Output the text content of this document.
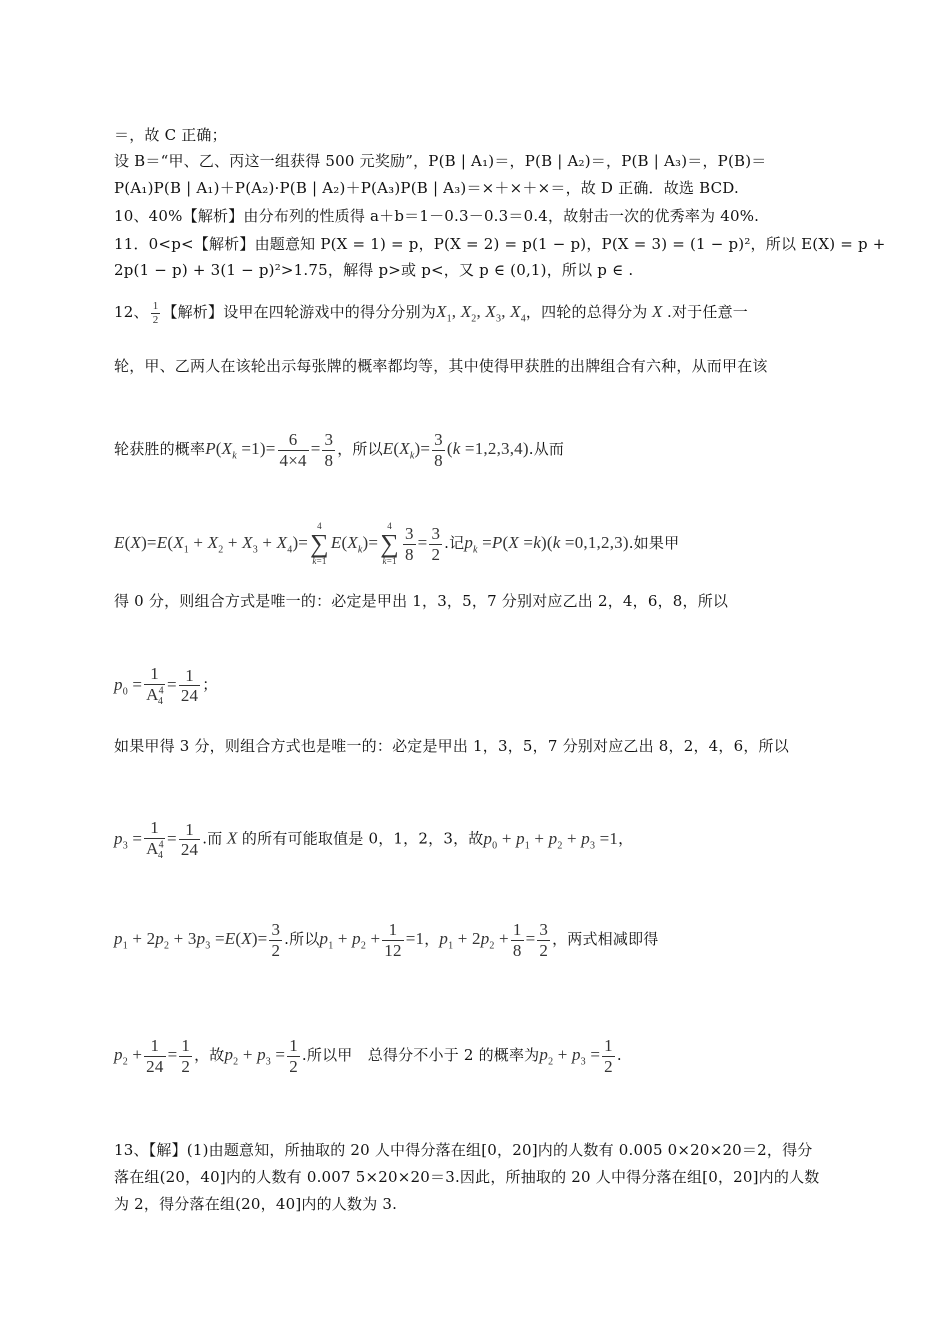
＝，故 C 正确；
设 B＝“甲、乙、丙这一组获得 500 元奖励”，P(B | A₁)＝，P(B | A₂)＝，P(B | A₃)＝，P(B)＝
P(A₁)P(B | A₁)＋P(A₂)·P(B | A₂)＋P(A₃)P(B | A₃)＝×＋×＋×＝，故 D 正确．故选 BCD.
10、40%【解析】由分布列的性质得 a＋b＝1－0.3－0.3＝0.4，故射击一次的优秀率为 40%.
11．0<p<【解析】由题意知 P(X = 1) = p，P(X = 2) = p(1 − p)，P(X = 3) = (1 − p)²，所以 E(X) = p +
2p(1 − p) + 3(1 − p)²>1.75，解得 p>或 p<，又 p ∈ (0,1)，所以 p ∈ .
12、 $\frac{1}{2}$ 【解析】设甲在四轮游戏中的得分分别为$X_1$, $X_2$, $X_3$, $X_4$，四轮的总得分为 X .对于任意一
轮，甲、乙两人在该轮出示每张牌的概率都均等，其中使得甲获胜的出牌组合有六种，从而甲在该
轮获胜的概率$P(X_k =1)= \frac{6}{4\times 4} = \frac{3}{8}$ ，所以$E(X_k)= \frac{3}{8} (k =1,2,3,4)$.从而
$E(X)=E(X_1 + X_2 + X_3 + X_4)=$
4
∑
k=1
$E(X_k)=$
4
∑
$k=1 \frac{3}{8} = \frac{3}{2}$ .记$p_k =P(X =k)(k =0,1,2,3)$.如果甲
得 0 分，则组合方式是唯一的：必定是甲出 1，3，5，7 分别对应乙出 2，4，6，8，所以
$p_0 = \frac{1}{A^4_4} = \frac{1}{24}$ ；
如果甲得 3 分，则组合方式也是唯一的：必定是甲出 1，3，5，7 分别对应乙出 8，2，4，6，所以
$p_3 = \frac{1}{A^4_4} = \frac{1}{24}$ .而 X 的所有可能取值是 0，1，2，3，故$p_0 + p_1 + p_2 + p_3 =1$，
$p_1 + 2p_2 + 3p_3 =E(X)= \frac{3}{2}$ .所以$p_1 + p_2 + \frac{1}{12} =1$，$p_1 + 2p_2 + \frac{1}{8} = \frac{3}{2}$ ，两式相减即得
$p_2 + \frac{1}{24} = \frac{1}{2}$ ，故$p_2 + p_3 = \frac{1}{2}$ .所以甲　总得分不小于 2 的概率为$p_2 + p_3 = \frac{1}{2}$ .
13、【解】(1)由题意知，所抽取的 20 人中得分落在组[0，20]内的人数有 0.005 0×20×20＝2，得分
落在组(20，40]内的人数有 0.007 5×20×20＝3.因此，所抽取的 20 人中得分落在组[0，20]内的人数
为 2，得分落在组(20，40]内的人数为 3.
